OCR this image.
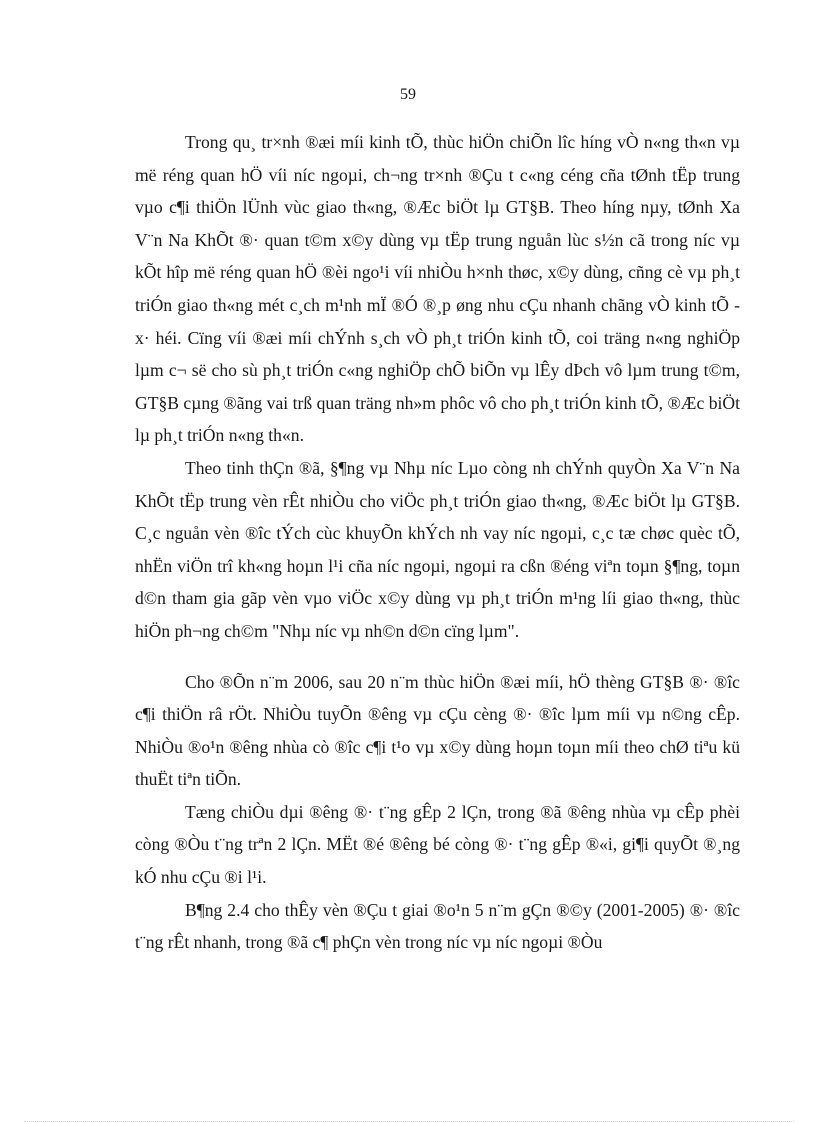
59

Trong qu¸ tr×nh ®æi míi kinh tÕ, thùc hiÖn chiÕn lîc híng vÒ n«ng th«n vµ më réng quan hÖ víi níc ngoµi, ch¬ng tr×nh ®Çu t c«ng céng cña tØnh tËp trung vµo c¶i thiÖn lÜnh vùc giao th«ng, ®Æc biÖt lµ GT§B. Theo híng nµy, tØnh Xa V¨n Na KhÕt ®· quan t©m x©y dùng vµ tËp trung nguån lùc s½n cã trong níc vµ kÕt hîp më réng quan hÖ ®èi ngo¹i víi nhiÒu h×nh thøc, x©y dùng, cñng cè vµ ph¸t triÓn giao th«ng mét c¸ch m¹nh mÏ ®Ó ®¸p øng nhu cÇu nhanh chãng vÒ kinh tÕ - x· héi. Cïng víi ®æi míi chÝnh s¸ch vÒ ph¸t triÓn kinh tÕ, coi träng n«ng nghiÖp lµm c¬ së cho sù ph¸t triÓn c«ng nghiÖp chÕ biÕn vµ lÊy dÞch vô lµm trung t©m, GT§B cµng ®ãng vai trß quan träng nh»m phôc vô cho ph¸t triÓn kinh tÕ, ®Æc biÖt lµ ph¸t triÓn n«ng th«n.

Theo tinh thÇn ®ã, §¶ng vµ Nhµ níc Lµo còng nh chÝnh quyÒn Xa V¨n Na KhÕt tËp trung vèn rÊt nhiÒu cho viÖc ph¸t triÓn giao th«ng, ®Æc biÖt lµ GT§B. C¸c nguån vèn ®îc tÝch cùc khuyÕn khÝch nh vay níc ngoµi, c¸c tæ chøc quèc tÕ, nhËn viÖn trî kh«ng hoµn l¹i cña níc ngoµi, ngoµi ra cßn ®éng viªn toµn §¶ng, toµn d©n tham gia gãp vèn vµo viÖc x©y dùng vµ ph¸t triÓn m¹ng líi giao th«ng, thùc hiÖn ph¬ng ch©m "Nhµ níc vµ nh©n d©n cïng lµm".

Cho ®Õn n¨m 2006, sau 20 n¨m thùc hiÖn ®æi míi, hÖ thèng GT§B ®· ®îc c¶i thiÖn râ rÖt. NhiÒu tuyÕn ®êng vµ cÇu cèng ®· ®îc lµm míi vµ n©ng cÊp. NhiÒu ®o¹n ®êng nhùa cò ®îc c¶i t¹o vµ x©y dùng hoµn toµn míi theo chØ tiªu kü thuËt tiªn tiÕn.

Tæng chiÒu dµi ®êng ®· t¨ng gÊp 2 lÇn, trong ®ã ®êng nhùa vµ cÊp phèi còng ®Òu t¨ng trªn 2 lÇn. MËt ®é ®êng bé còng ®· t¨ng gÊp ®«i, gi¶i quyÕt ®¸ng kÓ nhu cÇu ®i l¹i.

B¶ng 2.4 cho thÊy vèn ®Çu t giai ®o¹n 5 n¨m gÇn ®©y (2001-2005) ®· ®îc t¨ng rÊt nhanh, trong ®ã c¶ phÇn vèn trong níc vµ níc ngoµi ®Òu
